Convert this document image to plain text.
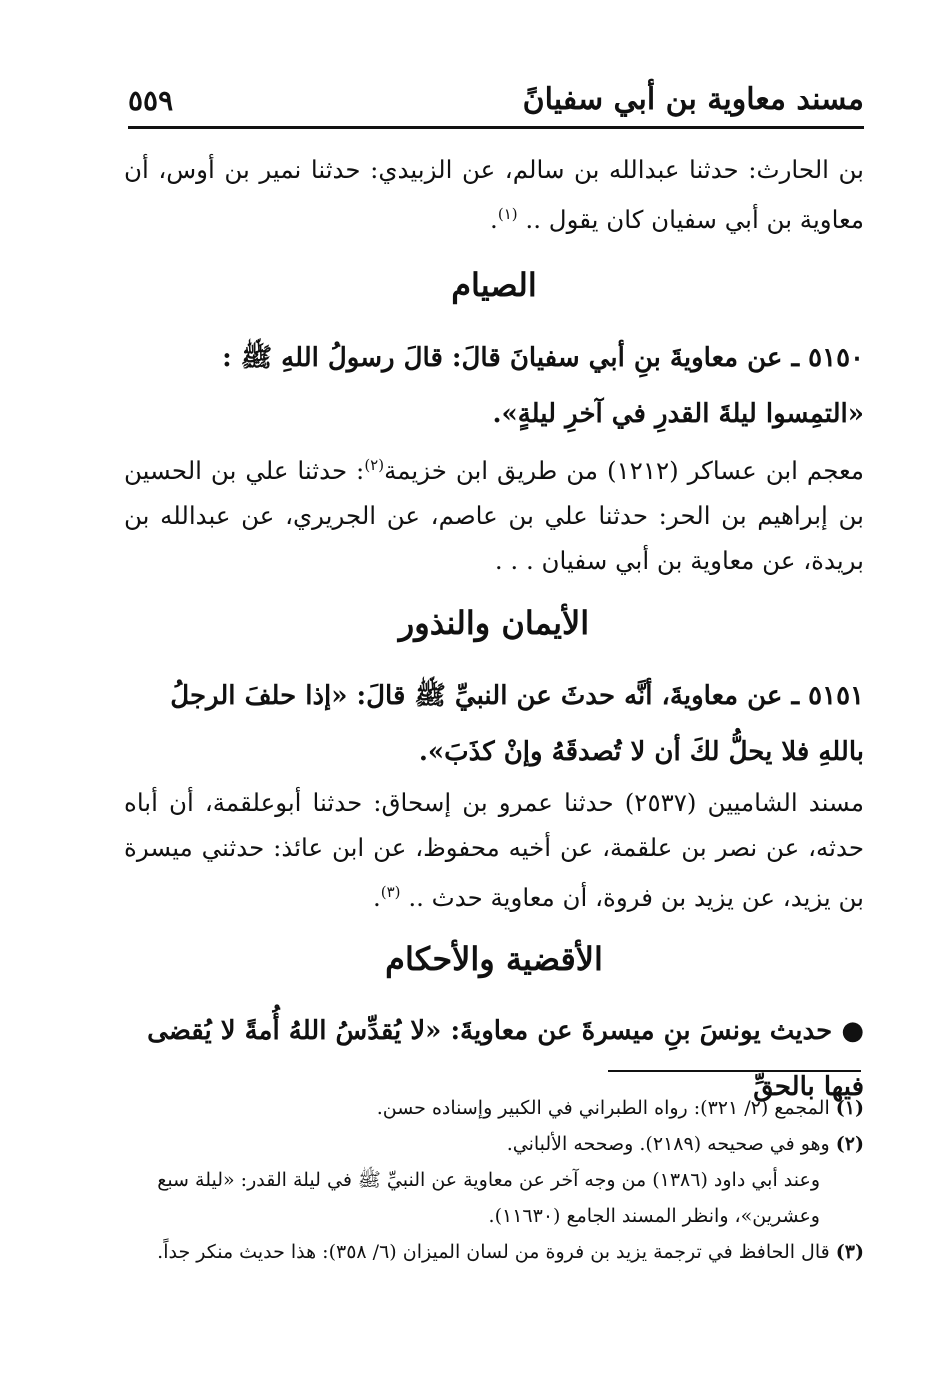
مسند معاوية بن أبي سفيانً
٥٥٩
بن الحارث: حدثنا عبدالله بن سالم، عن الزبيدي: حدثنا نمير بن أوس، أن معاوية بن أبي سفيان كان يقول .. $^{(١)}$.
الصيام
٥١٥٠ ـ عن معاويةَ بنِ أبي سفيانَ قالَ: قالَ رسولُ اللهِ ﷺ : «التمِسوا ليلةَ القدرِ في آخرِ ليلةٍ».
معجم ابن عساكر (١٢١٢) من طريق ابن خزيمة$^{(٢)}$: حدثنا علي بن الحسين بن إبراهيم بن الحر: حدثنا علي بن عاصم، عن الجريري، عن عبدالله بن بريدة، عن معاوية بن أبي سفيان . . .
الأيمان والنذور
٥١٥١ ـ عن معاويةَ، أنَّه حدثَ عن النبيِّ ﷺ قالَ: «إذا حلفَ الرجلُ باللهِ فلا يحلُّ لكَ أن لا تُصدقَهُ وإنْ كذَبَ».
مسند الشاميين (٢٥٣٧) حدثنا عمرو بن إسحاق: حدثنا أبوعلقمة، أن أباه حدثه، عن نصر بن علقمة، عن أخيه محفوظ، عن ابن عائذ: حدثني ميسرة بن يزيد، عن يزيد بن فروة، أن معاوية حدث .. $^{(٣)}$.
الأقضية والأحكام
● حديث يونسَ بنِ ميسرةَ عن معاويةَ: «لا يُقدِّسُ اللهُ أُمةً لا يُقضى فيها بالحقِّ

(١) المجمع (٢/ ٣٢١): رواه الطبراني في الكبير وإسناده حسن.

(٢) وهو في صحيحه (٢١٨٩). وصححه الألباني.

وعند أبي داود (١٣٨٦) من وجه آخر عن معاوية عن النبيِّ ﷺ في ليلة القدر: «ليلة سبع وعشرين»، وانظر المسند الجامع (١١٦٣٠).

(٣) قال الحافظ في ترجمة يزيد بن فروة من لسان الميزان (٦/ ٣٥٨): هذا حديث منكر جداً.
